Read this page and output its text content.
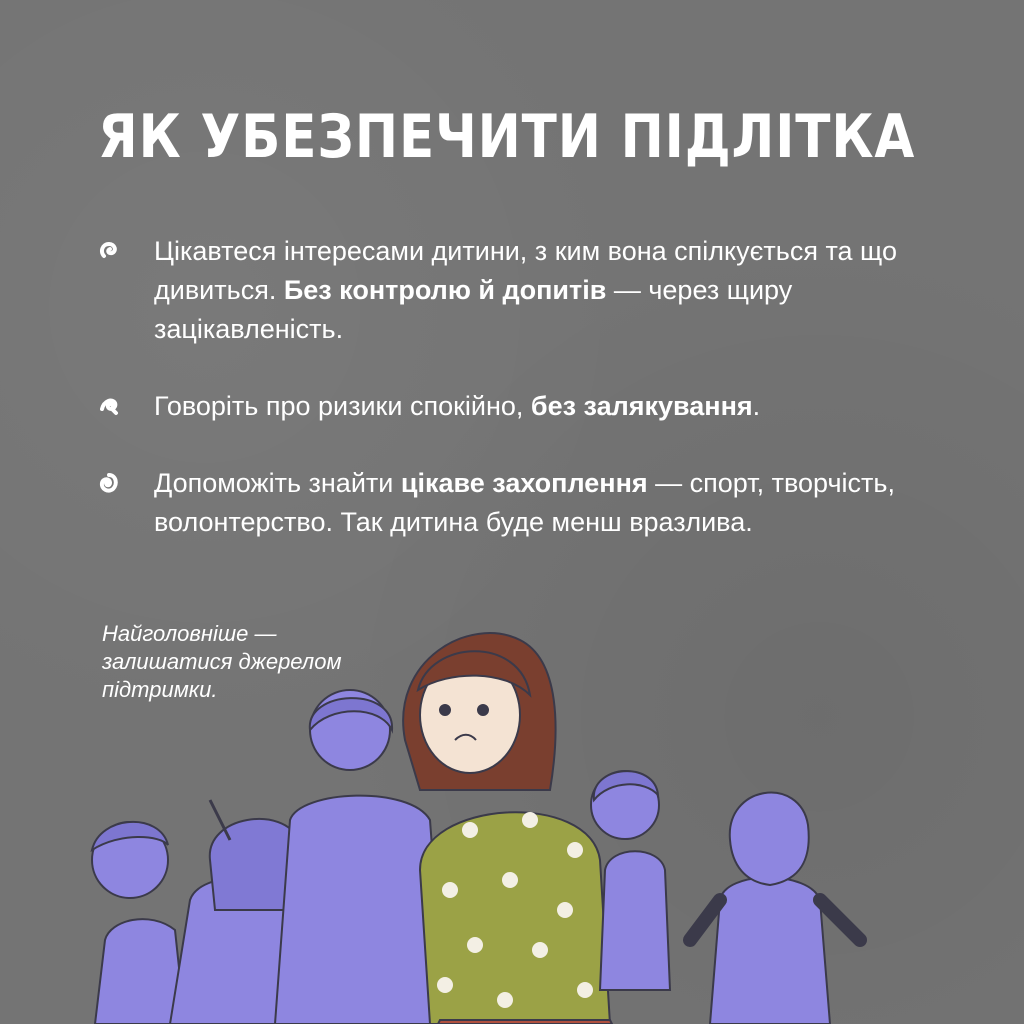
ЯК УБЕЗПЕЧИТИ ПІДЛІТКА
Цікавтеся інтересами дитини, з ким вона спілкується та що дивиться. Без контролю й допитів — через щиру зацікавленість.
Говоріть про ризики спокійно, без залякування.
Допоможіть знайти цікаве захоплення — спорт, творчість, волонтерство. Так дитина буде менш вразлива.
Найголовніше — залишатися джерелом підтримки.
